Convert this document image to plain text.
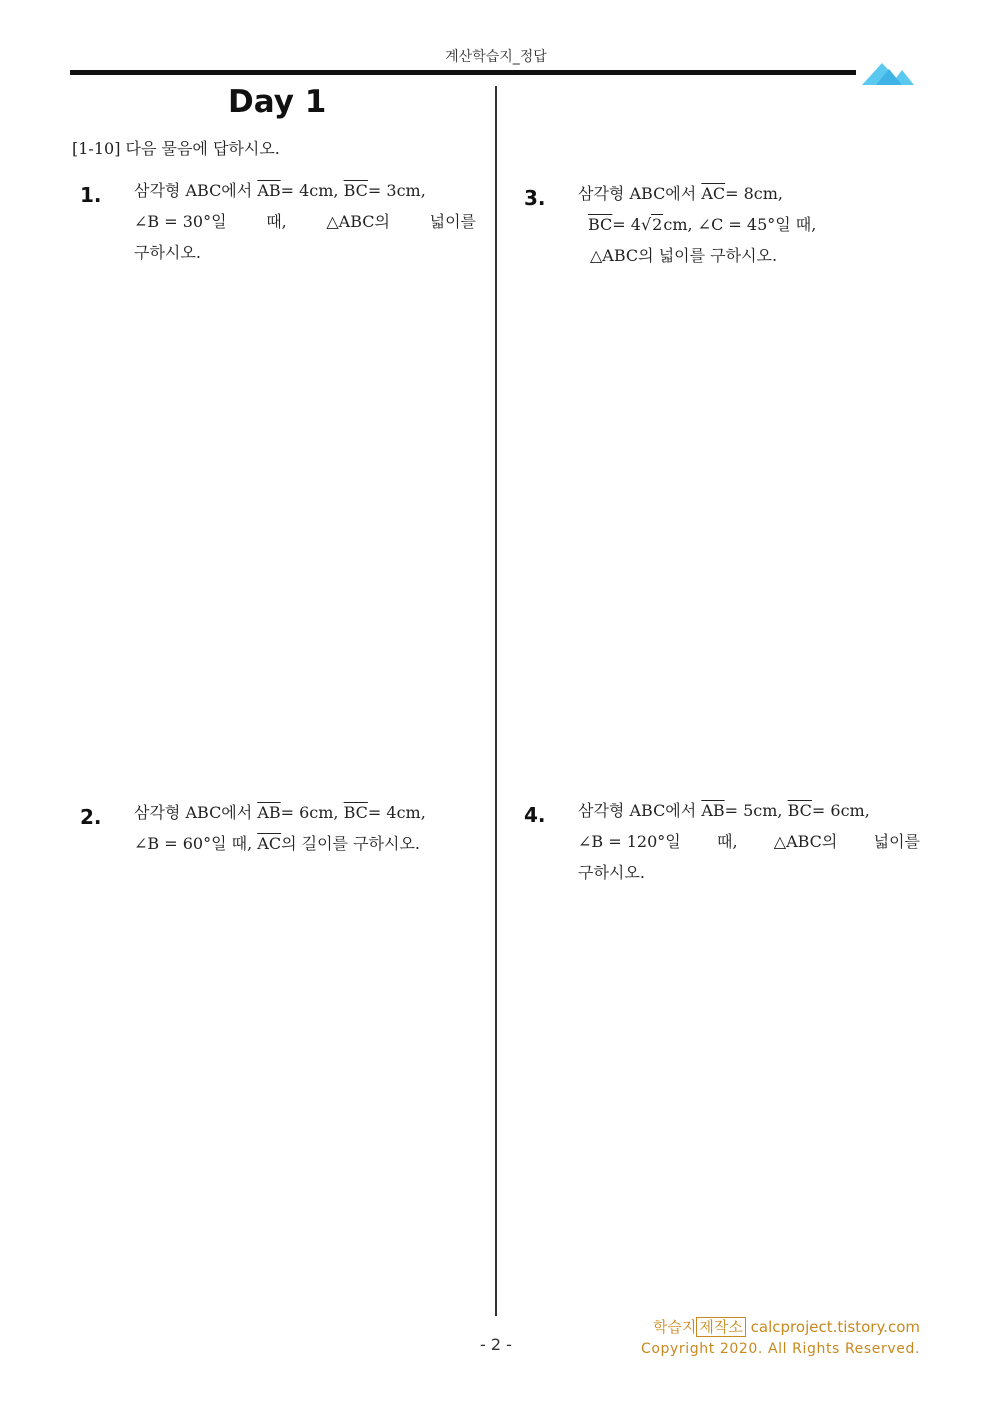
계산학습지_정답
Day 1
[1-10] 다음 물음에 답하시오.
1. 삼각형 ABC에서 $\overline{AB}= 4cm$, $\overline{BC}= 3cm$,
∠B = 30°일 때, △ABC의 넓이를
구하시오.
3. 삼각형 ABC에서 $\overline{AC}= 8cm$,
$\overline{BC}= 4√2cm$, ∠C = 45°일 때,
△ABC의 넓이를 구하시오.
2. 삼각형 ABC에서 $\overline{AB}= 6cm$, $\overline{BC}= 4cm$,
∠B = 60°일 때, $\overline{AC}$의 길이를 구하시오.
4. 삼각형 ABC에서 $\overline{AB}= 5cm$, $\overline{BC}= 6cm$,
∠B = 120°일 때, △ABC의 넓이를
구하시오.
학습지 제작소 calcproject.tistory.com
Copyright 2020. All Rights Reserved.
- 2 -
